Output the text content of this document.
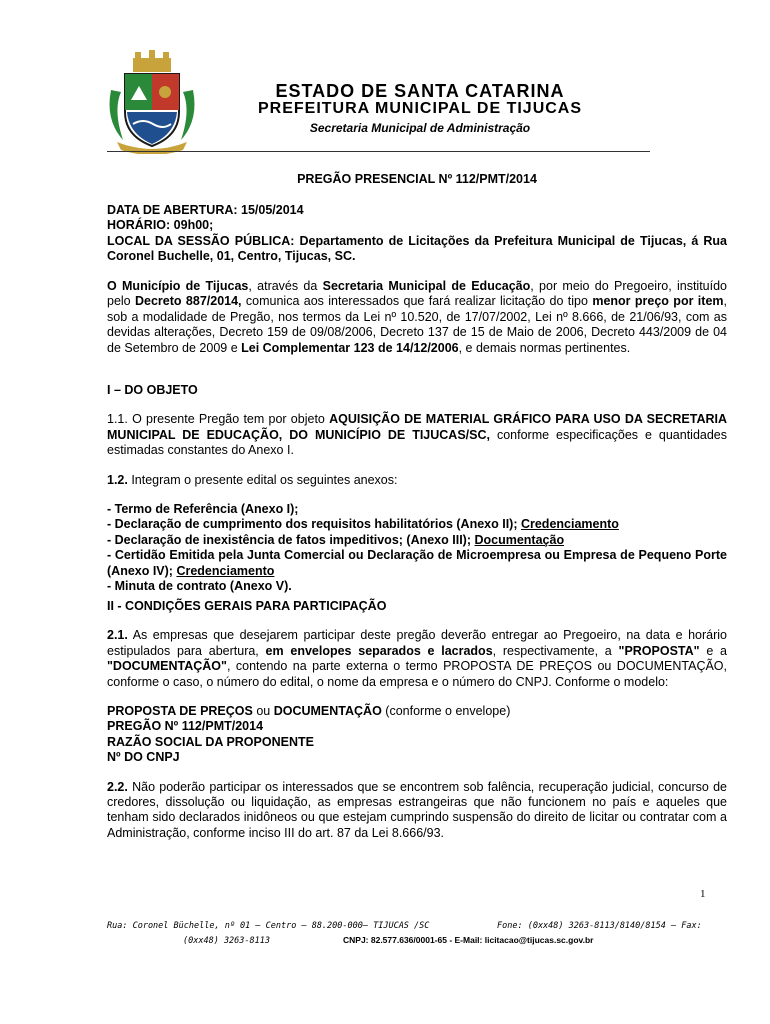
ESTADO DE SANTA CATARINA
PREFEITURA MUNICIPAL DE TIJUCAS
Secretaria Municipal de Administração
PREGÃO PRESENCIAL Nº 112/PMT/2014

DATA DE ABERTURA: 15/05/2014

HORÁRIO: 09h00;

LOCAL DA SESSÃO PÚBLICA: Departamento de Licitações da Prefeitura Municipal de Tijucas, á Rua Coronel Buchelle, 01, Centro, Tijucas, SC.

O Município de Tijucas, através da Secretaria Municipal de Educação, por meio do Pregoeiro, instituído pelo Decreto 887/2014, comunica aos interessados que fará realizar licitação do tipo menor preço por item, sob a modalidade de Pregão, nos termos da Lei nº 10.520, de 17/07/2002, Lei nº 8.666, de 21/06/93, com as devidas alterações, Decreto 159 de 09/08/2006, Decreto 137 de 15 de Maio de 2006, Decreto 443/2009 de 04 de Setembro de 2009 e Lei Complementar 123 de 14/12/2006, e demais normas pertinentes.

I – DO OBJETO

1.1. O presente Pregão tem por objeto AQUISIÇÃO DE MATERIAL GRÁFICO PARA USO DA SECRETARIA MUNICIPAL DE EDUCAÇÃO, DO MUNICÍPIO DE TIJUCAS/SC, conforme especificações e quantidades estimadas constantes do Anexo I.

1.2. Integram o presente edital os seguintes anexos:

- Termo de Referência (Anexo I);

- Declaração de cumprimento dos requisitos habilitatórios (Anexo II); Credenciamento

- Declaração de inexistência de fatos impeditivos; (Anexo III); Documentação

- Certidão Emitida pela Junta Comercial ou Declaração de Microempresa ou Empresa de Pequeno Porte (Anexo IV); Credenciamento

- Minuta de contrato (Anexo V).

II - CONDIÇÕES GERAIS PARA PARTICIPAÇÃO

2.1. As empresas que desejarem participar deste pregão deverão entregar ao Pregoeiro, na data e horário estipulados para abertura, em envelopes separados e lacrados, respectivamente, a "PROPOSTA" e a "DOCUMENTAÇÃO", contendo na parte externa o termo PROPOSTA DE PREÇOS ou DOCUMENTAÇÃO, conforme o caso, o número do edital, o nome da empresa e o número do CNPJ. Conforme o modelo:

PROPOSTA DE PREÇOS ou DOCUMENTAÇÃO (conforme o envelope)

PREGÃO Nº 112/PMT/2014

RAZÃO SOCIAL DA PROPONENTE

Nº DO CNPJ

2.2. Não poderão participar os interessados que se encontrem sob falência, recuperação judicial, concurso de credores, dissolução ou liquidação, as empresas estrangeiras que não funcionem no país e aqueles que tenham sido declarados inidôneos ou que estejam cumprindo suspensão do direito de licitar ou contratar com a Administração, conforme inciso III do art. 87 da Lei 8.666/93.

1
Rua: Coronel Büchelle, nº 01 – Centro – 88.200-000– TIJUCAS /SC	Fone: (0xx48) 3263-8113/8140/8154 – Fax:
(0xx48) 3263-8113	CNPJ: 82.577.636/0001-65 - E-Mail: licitacao@tijucas.sc.gov.br
